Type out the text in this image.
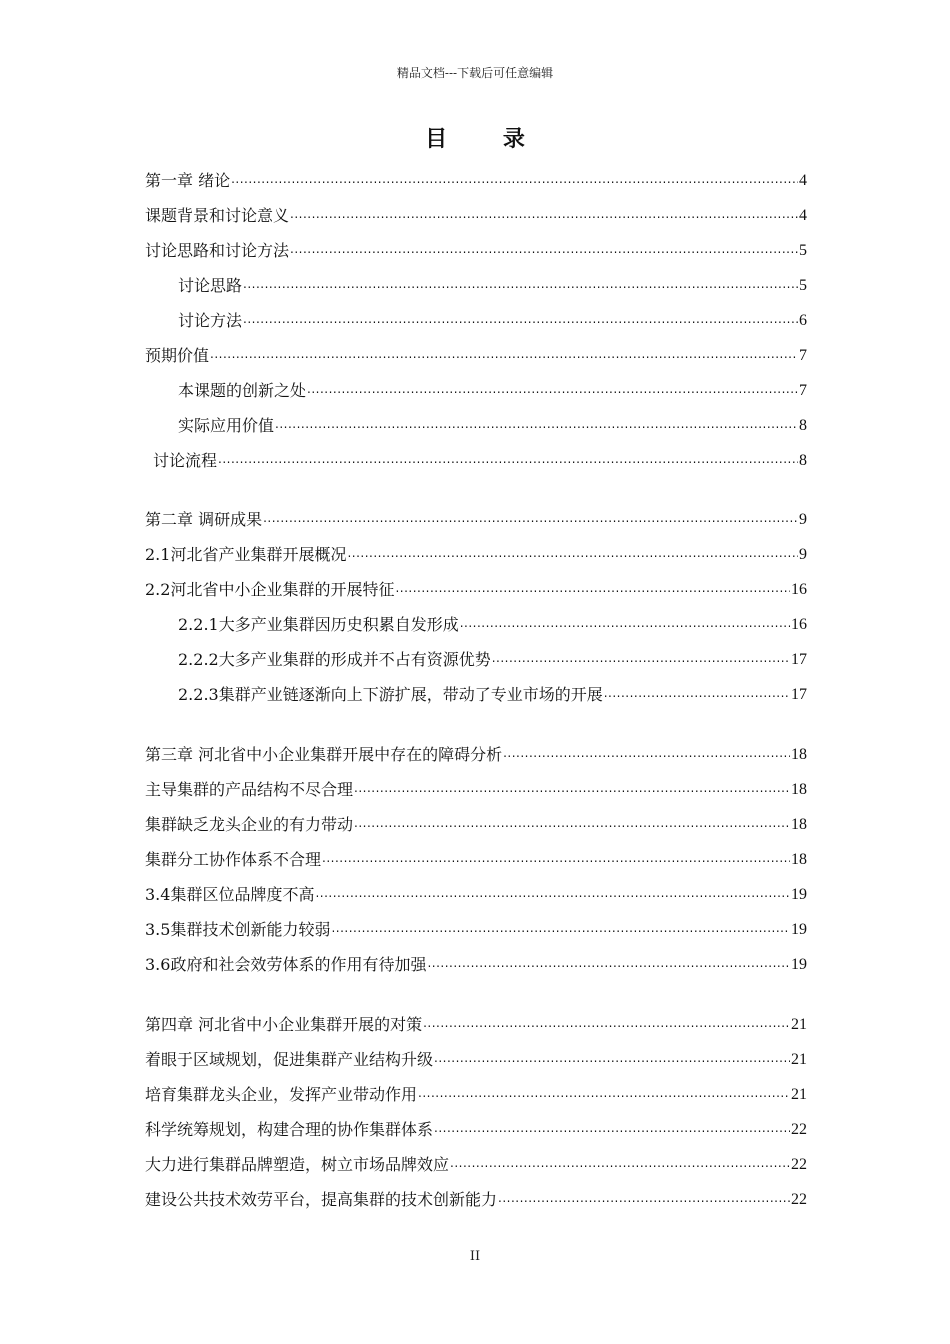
精品文档---下载后可任意编辑
目 录
第一章 绪论 .....	4
课题背景和讨论意义 .....	4
讨论思路和讨论方法 .....	5
讨论思路 .....	5
讨论方法 .....	6
预期价值 .....	7
本课题的创新之处 .....	7
实际应用价值 .....	8
讨论流程 .....	8
第二章 调研成果 .....	9
2.1河北省产业集群开展概况 .....	9
2.2河北省中小企业集群的开展特征 .....	16
2.2.1大多产业集群因历史积累自发形成 .....	16
2.2.2大多产业集群的形成并不占有资源优势 .....	17
2.2.3集群产业链逐渐向上下游扩展，带动了专业市场的开展 .....	17
第三章 河北省中小企业集群开展中存在的障碍分析 .....	18
主导集群的产品结构不尽合理 .....	18
集群缺乏龙头企业的有力带动 .....	18
集群分工协作体系不合理 .....	18
3.4集群区位品牌度不高 .....	19
3.5集群技术创新能力较弱 .....	19
3.6政府和社会效劳体系的作用有待加强 .....	19
第四章 河北省中小企业集群开展的对策 .....	21
着眼于区域规划，促进集群产业结构升级 .....	21
培育集群龙头企业，发挥产业带动作用 .....	21
科学统筹规划，构建合理的协作集群体系 .....	22
大力进行集群品牌塑造，树立市场品牌效应 .....	22
建设公共技术效劳平台，提高集群的技术创新能力 .....	22
II
